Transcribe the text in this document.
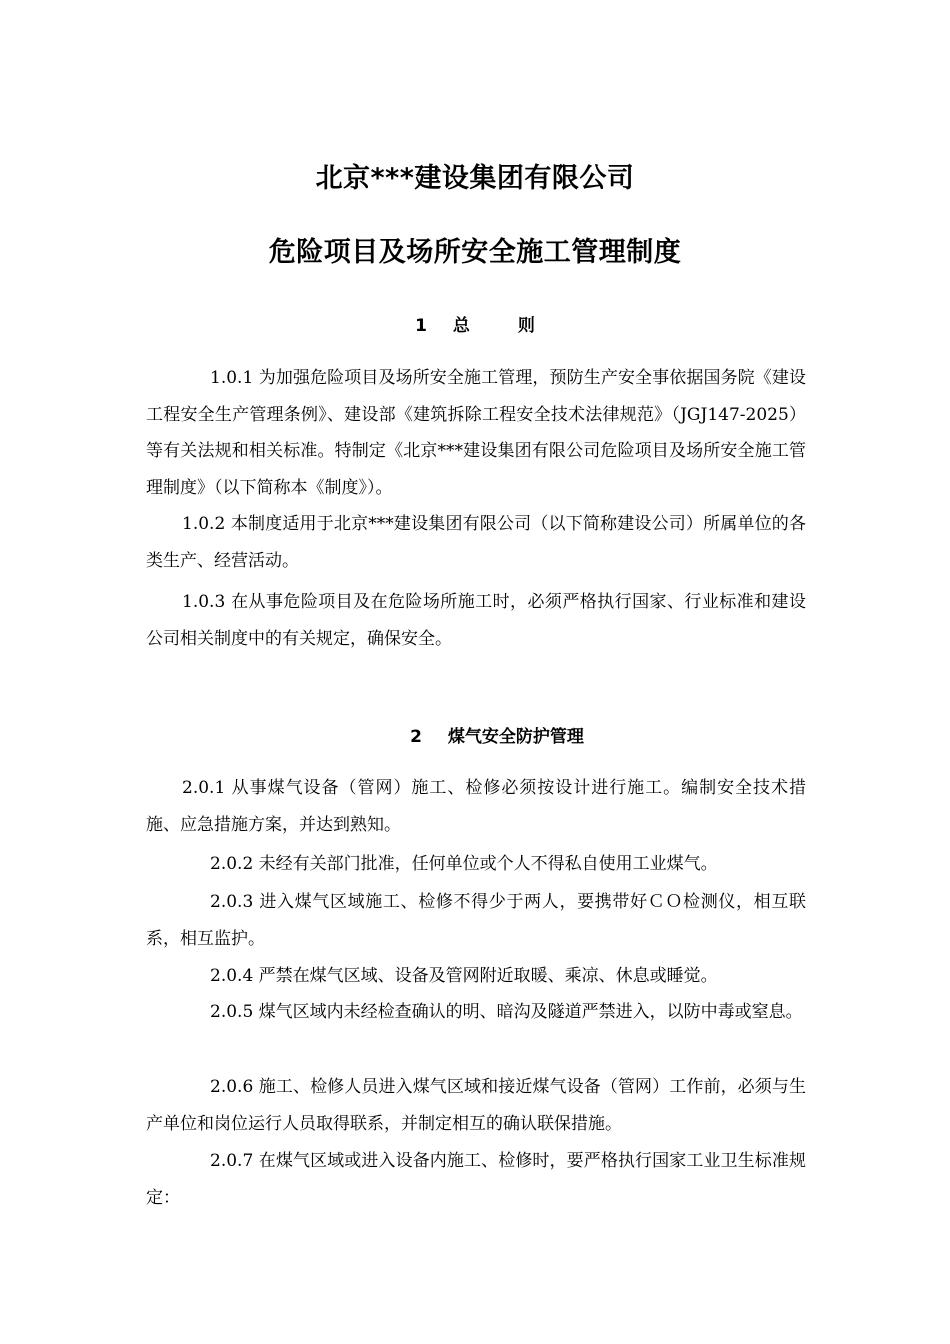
北京***建设集团有限公司
危险项目及场所安全施工管理制度
1 总	则

1.0.1 为加强危险项目及场所安全施工管理，预防生产安全事依据国务院《建设工程安全生产管理条例》、建设部《建筑拆除工程安全技术法律规范》（JGJ147-2025）等有关法规和相关标准。特制定《北京***建设集团有限公司危险项目及场所安全施工管理制度》（以下简称本《制度》）。

1.0.2 本制度适用于北京***建设集团有限公司（以下简称建设公司）所属单位的各类生产、经营活动。

1.0.3 在从事危险项目及在危险场所施工时，必须严格执行国家、行业标准和建设公司相关制度中的有关规定，确保安全。

2 煤气安全防护管理

2.0.1 从事煤气设备（管网）施工、检修必须按设计进行施工。编制安全技术措施、应急措施方案，并达到熟知。

2.0.2 未经有关部门批准，任何单位或个人不得私自使用工业煤气。

2.0.3 进入煤气区域施工、检修不得少于两人，要携带好ＣＯ检测仪，相互联系，相互监护。

2.0.4 严禁在煤气区域、设备及管网附近取暖、乘凉、休息或睡觉。

2.0.5 煤气区域内未经检查确认的明、暗沟及隧道严禁进入，以防中毒或窒息。

2.0.6 施工、检修人员进入煤气区域和接近煤气设备（管网）工作前，必须与生产单位和岗位运行人员取得联系，并制定相互的确认联保措施。

2.0.7 在煤气区域或进入设备内施工、检修时，要严格执行国家工业卫生标准规定：
